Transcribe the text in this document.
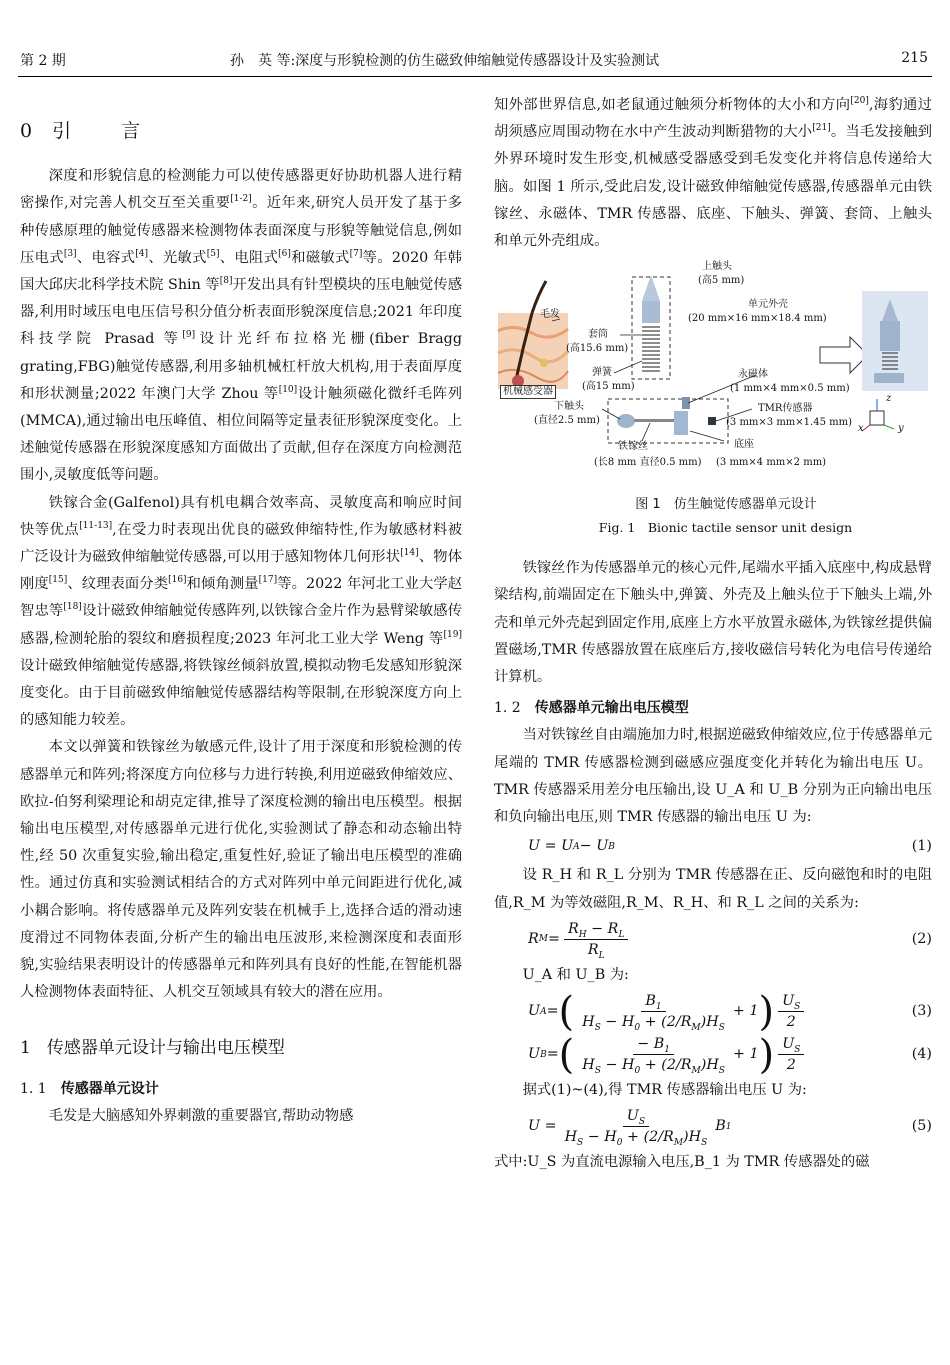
第 2 期	孙　英 等:深度与形貌检测的仿生磁致伸缩触觉传感器设计及实验测试	215
0 引　　言

深度和形貌信息的检测能力可以使传感器更好协助机器人进行精密操作,对完善人机交互至关重要[1-2]。近年来,研究人员开发了基于多种传感原理的触觉传感器来检测物体表面深度与形貌等触觉信息,例如压电式[3]、电容式[4]、光敏式[5]、电阻式[6]和磁敏式[7]等。2020 年韩国大邱庆北科学技术院 Shin 等[8]开发出具有针型模块的压电触觉传感器,利用时域压电电压信号积分值分析表面形貌深度信息;2021 年印度科技学院 Prasad 等[9]设计光纤布拉格光栅(fiber Bragg grating,FBG)触觉传感器,利用多轴机械杠杆放大机构,用于表面厚度和形状测量;2022 年澳门大学 Zhou 等[10]设计触须磁化微纤毛阵列(MMCA),通过输出电压峰值、相位间隔等定量表征形貌深度变化。上述触觉传感器在形貌深度感知方面做出了贡献,但存在深度方向检测范围小,灵敏度低等问题。

铁镓合金(Galfenol)具有机电耦合效率高、灵敏度高和响应时间快等优点[11-13],在受力时表现出优良的磁致伸缩特性,作为敏感材料被广泛设计为磁致伸缩触觉传感器,可以用于感知物体几何形状[14]、物体刚度[15]、纹理表面分类[16]和倾角测量[17]等。2022 年河北工业大学赵智忠等[18]设计磁致伸缩触觉传感阵列,以铁镓合金片作为悬臂梁敏感传感器,检测轮胎的裂纹和磨损程度;2023 年河北工业大学 Weng 等[19]设计磁致伸缩触觉传感器,将铁镓丝倾斜放置,模拟动物毛发感知形貌深度变化。由于目前磁致伸缩触觉传感器结构等限制,在形貌深度方向上的感知能力较差。

本文以弹簧和铁镓丝为敏感元件,设计了用于深度和形貌检测的传感器单元和阵列;将深度方向位移与力进行转换,利用逆磁致伸缩效应、欧拉-伯努利梁理论和胡克定律,推导了深度检测的输出电压模型。根据输出电压模型,对传感器单元进行优化,实验测试了静态和动态输出特性,经 50 次重复实验,输出稳定,重复性好,验证了输出电压模型的准确性。通过仿真和实验测试相结合的方式对阵列中单元间距进行优化,减小耦合影响。将传感器单元及阵列安装在机械手上,选择合适的滑动速度滑过不同物体表面,分析产生的输出电压波形,来检测深度和表面形貌,实验结果表明设计的传感器单元和阵列具有良好的性能,在智能机器人检测物体表面特征、人机交互领域具有较大的潜在应用。

1 传感器单元设计与输出电压模型
1. 1 传感器单元设计

毛发是大脑感知外界刺激的重要器官,帮助动物感

知外部世界信息,如老鼠通过触须分析物体的大小和方向[20],海豹通过胡须感应周围动物在水中产生波动判断猎物的大小[21]。当毛发接触到外界环境时发生形变,机械感受器感受到毛发变化并将信息传递给大脑。如图 1 所示,受此启发,设计磁致伸缩触觉传感器,传感器单元由铁镓丝、永磁体、TMR 传感器、底座、下触头、弹簧、套筒、上触头和单元外壳组成。

上触头
(高5 mm)
单元外壳
(20 mm×16 mm×18.4 mm)
毛发
套筒
(高15.6 mm)
弹簧
(高15 mm)
机械感受器
永磁体
(1 mm×4 mm×0.5 mm)
TMR传感器
(3 mm×3 mm×1.45 mm)
下触头
(直径2.5 mm)
底座
铁镓丝
(长8 mm 直径0.5 mm) (3 mm×4 mm×2 mm)
z
x	y

图 1　仿生触觉传感器单元设计

Fig. 1　Bionic tactile sensor unit design

铁镓丝作为传感器单元的核心元件,尾端水平插入底座中,构成悬臂梁结构,前端固定在下触头中,弹簧、外壳及上触头位于下触头上端,外壳和单元外壳起到固定作用,底座上方水平放置永磁体,为铁镓丝提供偏置磁场,TMR 传感器放置在底座后方,接收磁信号转化为电信号传递给计算机。

1. 2 传感器单元输出电压模型

当对铁镓丝自由端施加力时,根据逆磁致伸缩效应,位于传感器单元尾端的 TMR 传感器检测到磁感应强度变化并转化为输出电压 U。TMR 传感器采用差分电压输出,设 U_A 和 U_B 分别为正向输出电压和负向输出电压,则 TMR 传感器的输出电压 U 为:

U = U A − U B	(1)

设 R_H 和 R_L 分别为 TMR 传感器在正、反向磁饱和时的电阻值,R_M 为等效磁阻,R_M、R_H、和 R_L 之间的关系为:

R $M = \frac{R_H - R_L}{R_L}$	(2)

U_A 和 U_B 为:

U A = ( $\frac{B_1}{H_S - H_0 + (2/R_M)H_S} + 1$ ) $\frac{U_S}{2}$	(3)
U B = ( $\frac{- B_1}{H_S - H_0 + (2/R_M)H_S} + 1$ ) $\frac{U_S}{2}$	(4)

据式(1)~(4),得 TMR 传感器输出电压 U 为:

$U = \frac{U_S}{H_S - H_0 + (2/R_M)H_S}$ B 1	(5)

式中:U_S 为直流电源输入电压,B_1 为 TMR 传感器处的磁
